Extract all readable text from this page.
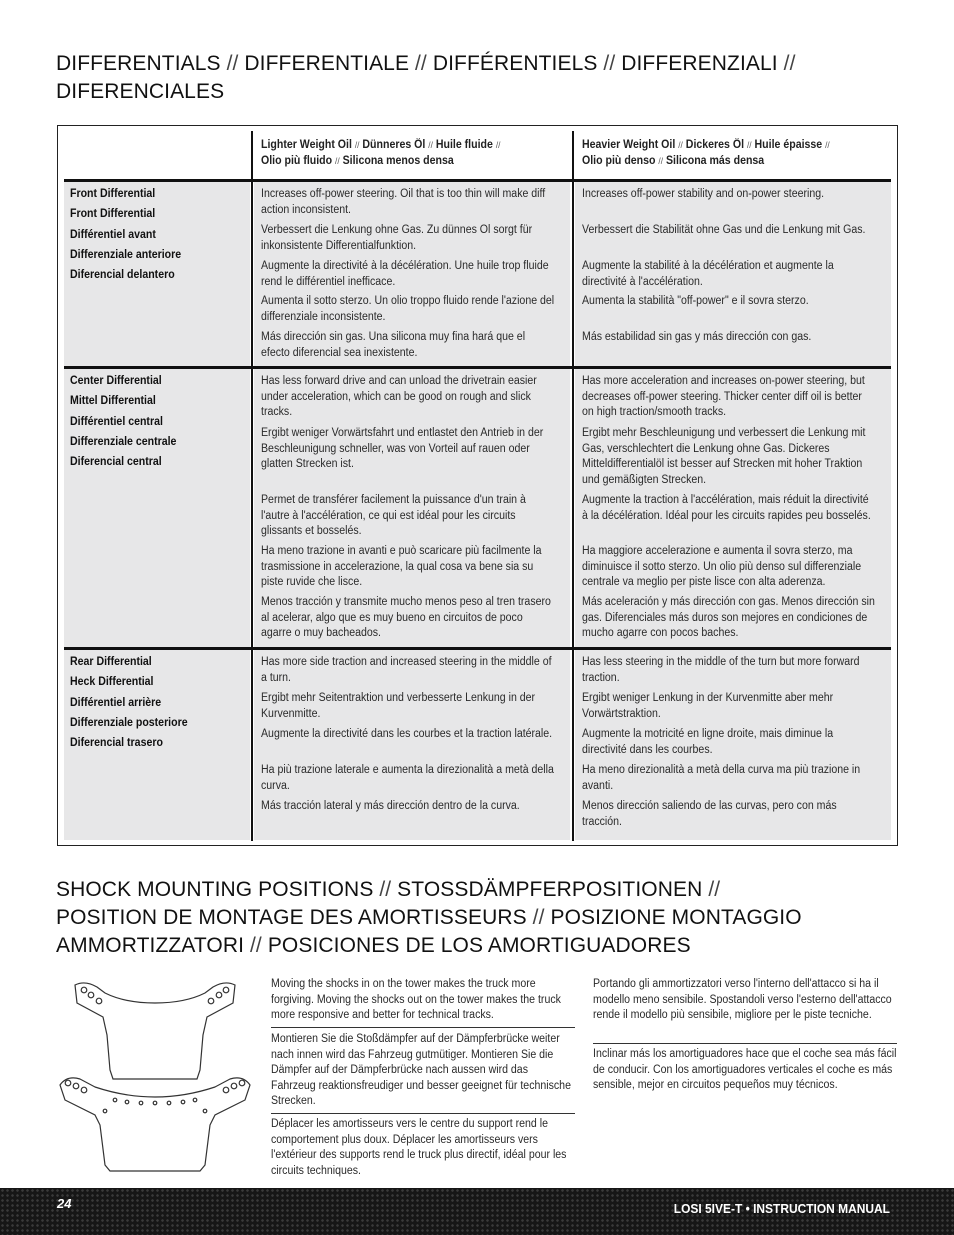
DIFFERENTIALS // DIFFERENTIALE // DIFFÉRENTIELS // DIFFERENZIALI //
DIFERENCIALES
Lighter Weight Oil // Dünneres Öl // Huile fluide //
Olio più fluido // Silicona menos densa
Heavier Weight Oil // Dickeres Öl // Huile épaisse //
Olio più denso // Silicona más densa
Front Differential
Front Differential
Différentiel avant
Differenziale anteriore
Diferencial delantero
Increases off-power steering. Oil that is too thin will make diff action inconsistent.
Verbessert die Lenkung ohne Gas. Zu dünnes Öl sorgt für inkonsistente Differentialfunktion.
Augmente la directivité à la décélération. Une huile trop fluide rend le différentiel inefficace.
Aumenta il sotto sterzo. Un olio troppo fluido rende l'azione del differenziale inconsistente.
Más dirección sin gas. Una silicona muy fina hará que el efecto diferencial sea inexistente.
Increases off-power stability and on-power steering.
Verbessert die Stabilität ohne Gas und die Lenkung mit Gas.
Augmente la stabilité à la décélération et augmente la directivité à l'accélération.
Aumenta la stabilità "off-power" e il sovra sterzo.
Más estabilidad sin gas y más dirección con gas.
Center Differential
Mittel Differential
Différentiel central
Differenziale centrale
Diferencial central
Has less forward drive and can unload the drivetrain easier under acceleration, which can be good on rough and slick tracks.
Ergibt weniger Vorwärtsfahrt und entlastet den Antrieb in der Beschleunigung schneller, was von Vorteil auf rauen oder glatten Strecken ist.
Permet de transférer facilement la puissance d'un train à l'autre à l'accélération, ce qui est idéal pour les circuits glissants et bosselés.
Ha meno trazione in avanti e può scaricare più facilmente la trasmissione in accelerazione, la qual cosa va bene sia su piste ruvide che lisce.
Menos tracción y transmite mucho menos peso al tren trasero al acelerar, algo que es muy bueno en circuitos de poco agarre o muy bacheados.
Has more acceleration and increases on-power steering, but decreases off-power steering. Thicker center diff oil is better on high traction/smooth tracks.
Ergibt mehr Beschleunigung und verbessert die Lenkung mit Gas, verschlechtert die Lenkung ohne Gas. Dickeres Mitteldifferentialöl ist besser auf Strecken mit hoher Traktion und gemäßigten Strecken.
Augmente la traction à l'accélération, mais réduit la directivité à la décélération. Idéal pour les circuits rapides peu bosselés.
Ha maggiore accelerazione e aumenta il sovra sterzo, ma diminuisce il sotto sterzo. Un olio più denso sul differenziale centrale va meglio per piste lisce con alta aderenza.
Más aceleración y más dirección con gas. Menos dirección sin gas. Diferenciales más duros son mejores en condiciones de mucho agarre con pocos baches.
Rear Differential
Heck Differential
Différentiel arrière
Differenziale posteriore
Diferencial trasero
Has more side traction and increased steering in the middle of a turn.
Ergibt mehr Seitentraktion und verbesserte Lenkung in der Kurvenmitte.
Augmente la directivité dans les courbes et la traction latérale.
Ha più trazione laterale e aumenta la direzionalità a metà della curva.
Más tracción lateral y más dirección dentro de la curva.
Has less steering in the middle of the turn but more forward traction.
Ergibt weniger Lenkung in der Kurvenmitte aber mehr Vorwärtstraktion.
Augmente la motricité en ligne droite, mais diminue la directivité dans les courbes.
Ha meno direzionalità a metà della curva ma più trazione in avanti.
Menos dirección saliendo de las curvas, pero con más tracción.
SHOCK MOUNTING POSITIONS // STOSSDÄMPFERPOSITIONEN //
POSITION DE MONTAGE DES AMORTISSEURS // POSIZIONE MONTAGGIO AMMORTIZZATORI // POSICIONES DE LOS AMORTIGUADORES
Moving the shocks in on the tower makes the truck more forgiving. Moving the shocks out on the tower makes the truck more responsive and better for technical tracks.
Montieren Sie die Stoßdämpfer auf der Dämpferbrücke weiter nach innen wird das Fahrzeug gutmütiger. Montieren Sie die Dämpfer auf der Dämpferbrücke nach aussen wird das Fahrzeug reaktionsfreudiger und besser geeignet für technische Strecken.
Déplacer les amortisseurs vers le centre du support rend le comportement plus doux. Déplacer les amortisseurs vers l'extérieur des supports rend le truck plus directif, idéal pour les circuits techniques.
Portando gli ammortizzatori verso l'interno dell'attacco si ha il modello meno sensibile. Spostandoli verso l'esterno dell'attacco rende il modello più sensibile, migliore per le piste tecniche.
Inclinar más los amortiguadores hace que el coche sea más fácil de conducir. Con los amortiguadores verticales el coche es más sensible, mejor en circuitos pequeños muy técnicos.
24	LOSI 5IVE-T • INSTRUCTION MANUAL
